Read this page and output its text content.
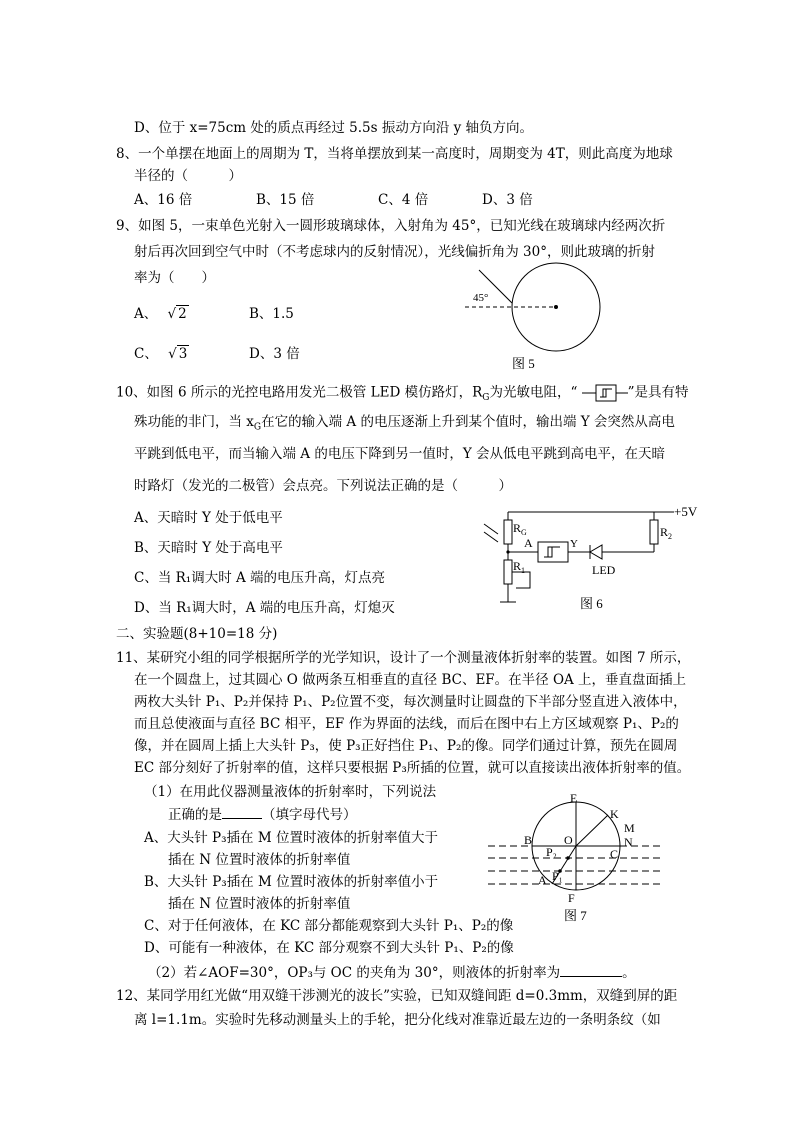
D、位于 x=75cm 处的质点再经过 5.5s 振动方向沿 y 轴负方向。
8、一个单摆在地面上的周期为 T，当将单摆放到某一高度时，周期变为 4T，则此高度为地球
半径的（　　　）
A、16 倍	B、15 倍	C、4 倍	D、3 倍
9、如图 5，一束单色光射入一圆形玻璃球体，入射角为 45°，已知光线在玻璃球内经两次折
射后再次回到空气中时（不考虑球内的反射情况），光线偏折角为 30°，则此玻璃的折射
率为（　　）
A、 √ 2	B、1.5
C、 √ 3	D、3 倍
45°
图 5
10、如图 6 所示的光控电路用发光二极管 LED 模仿路灯，$R_G$为光敏电阻，“	”是具有特
殊功能的非门，当 $x_G$在它的输入端 A 的电压逐渐上升到某个值时，输出端 Y 会突然从高电
平跳到低电平，而当输入端 A 的电压下降到另一值时，Y 会从低电平跳到高电平，在天暗
时路灯（发光的二极管）会点亮。下列说法正确的是（　　　）
A、天暗时 Y 处于低电平
B、天暗时 Y 处于高电平
C、当 R₁调大时 A 端的电压升高，灯点亮
D、当 R₁调大时，A 端的电压升高，灯熄灭
+5V
$R_G$
A	Y
LED
$R_2$
$R_1$
图 6
二、实验题(8+10=18 分)
11、某研究小组的同学根据所学的光学知识，设计了一个测量液体折射率的装置。如图 7 所示，
在一个圆盘上，过其圆心 O 做两条互相垂直的直径 BC、EF。在半径 OA 上，垂直盘面插上
两枚大头针 P₁、P₂并保持 P₁、P₂位置不变，每次测量时让圆盘的下半部分竖直进入液体中，
而且总使液面与直径 BC 相平，EF 作为界面的法线，而后在图中右上方区域观察 P₁、P₂的
像，并在圆周上插上大头针 P₃，使 P₃正好挡住 P₁、P₂的像。同学们通过计算，预先在圆周
EC 部分刻好了折射率的值，这样只要根据 P₃所插的位置，就可以直接读出液体折射率的值。
（1）在用此仪器测量液体的折射率时，下列说法
正确的是	（填字母代号）
A、大头针 P₃插在 M 位置时液体的折射率值大于
插在 N 位置时液体的折射率值
B、大头针 P₃插在 M 位置时液体的折射率值小于
插在 N 位置时液体的折射率值
C、对于任何液体，在 KC 部分都能观察到大头针 P₁、P₂的像
D、可能有一种液体，在 KC 部分观察不到大头针 P₁、P₂的像
（2）若∠AOF=30°，OP₃与 OC 的夹角为 30°，则液体的折射率为	。
E
K
M
N
O
B
C
P₂
P₁
A
F
图 7
12、某同学用红光做“用双缝干涉测光的波长”实验，已知双缝间距 d=0.3mm，双缝到屏的距
离 l=1.1m。实验时先移动测量头上的手轮，把分化线对准靠近最左边的一条明条纹（如
